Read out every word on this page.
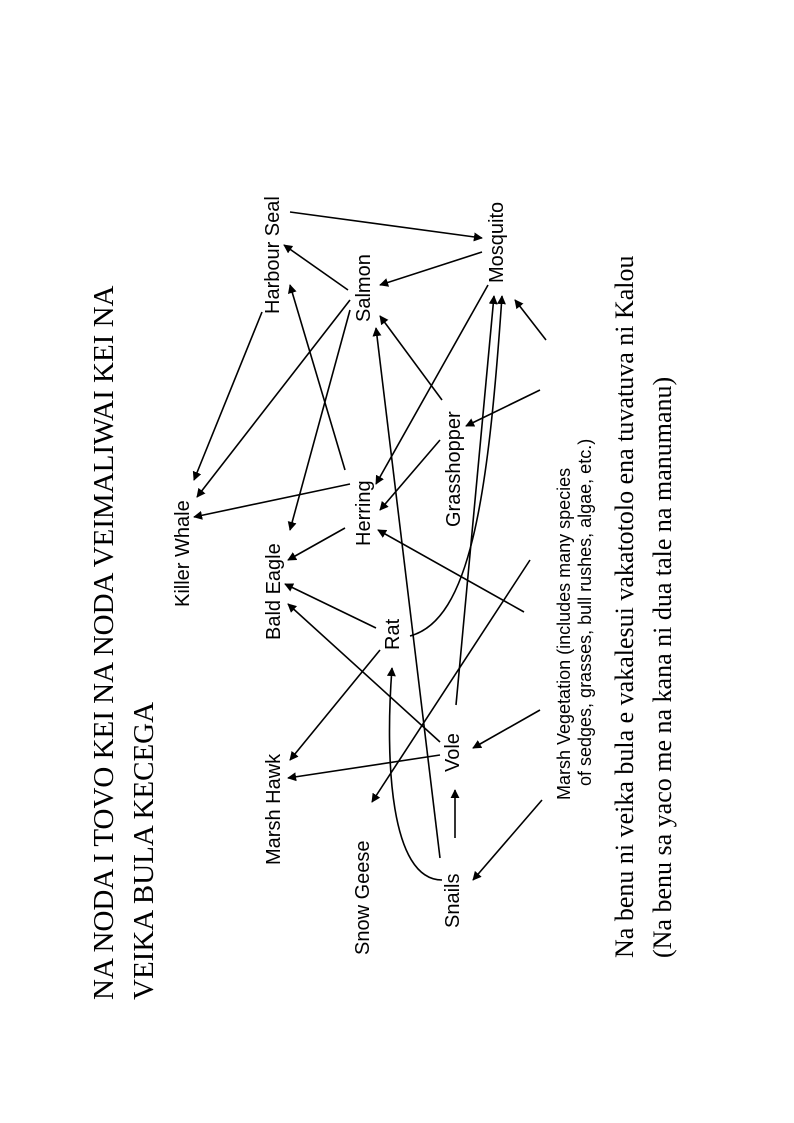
NA NODA I TOVO KEI NA NODA VEIMALIWAI KEI NA VEIKA BULA KECEGA
Killer Whale
Harbour Seal
Bald Eagle
Salmon
Herring
Mosquito
Rat
Grasshopper
Marsh Hawk
Vole
Snow Geese	Snails
Marsh Vegetation (includes many species of sedges, grasses, bull rushes, algae, etc.) Na benu ni veika bula e vakalesui vakatotolo ena tuvatuva ni Kalou (Na benu sa yaco me na kana ni dua tale na manumanu)
